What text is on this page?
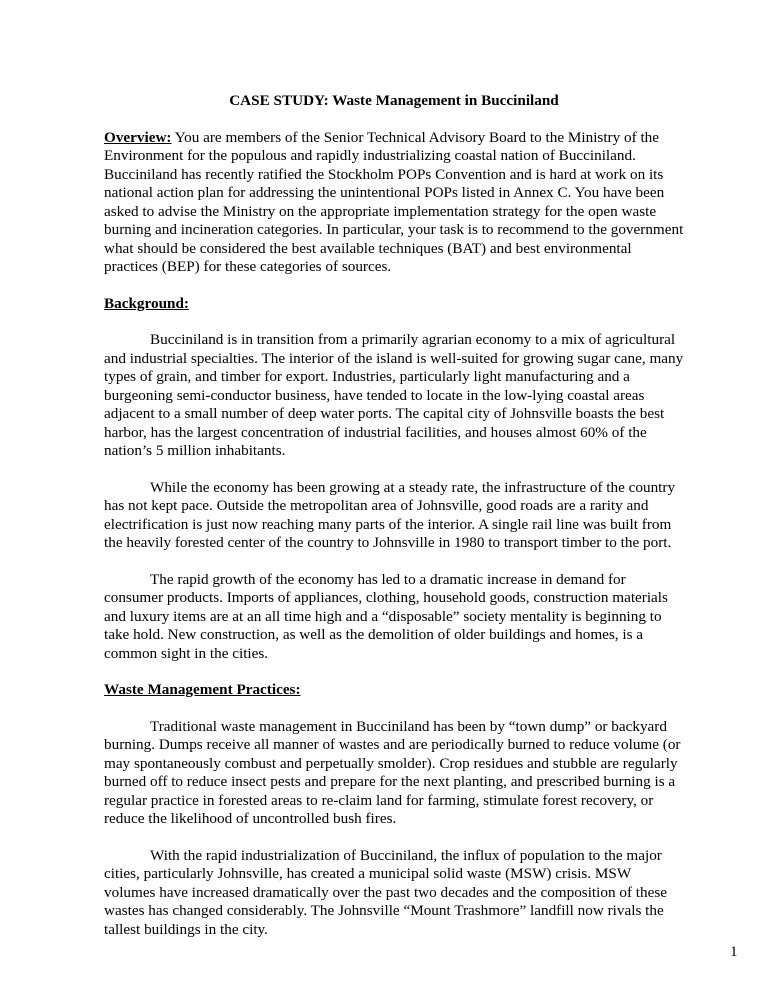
CASE STUDY: Waste Management in Bucciniland

Overview: You are members of the Senior Technical Advisory Board to the Ministry of the Environment for the populous and rapidly industrializing coastal nation of Bucciniland. Bucciniland has recently ratified the Stockholm POPs Convention and is hard at work on its national action plan for addressing the unintentional POPs listed in Annex C. You have been asked to advise the Ministry on the appropriate implementation strategy for the open waste burning and incineration categories. In particular, your task is to recommend to the government what should be considered the best available techniques (BAT) and best environmental practices (BEP) for these categories of sources.

Background:

Bucciniland is in transition from a primarily agrarian economy to a mix of agricultural and industrial specialties. The interior of the island is well-suited for growing sugar cane, many types of grain, and timber for export. Industries, particularly light manufacturing and a burgeoning semi-conductor business, have tended to locate in the low-lying coastal areas adjacent to a small number of deep water ports. The capital city of Johnsville boasts the best harbor, has the largest concentration of industrial facilities, and houses almost 60% of the nation’s 5 million inhabitants.

While the economy has been growing at a steady rate, the infrastructure of the country has not kept pace. Outside the metropolitan area of Johnsville, good roads are a rarity and electrification is just now reaching many parts of the interior. A single rail line was built from the heavily forested center of the country to Johnsville in 1980 to transport timber to the port.

The rapid growth of the economy has led to a dramatic increase in demand for consumer products. Imports of appliances, clothing, household goods, construction materials and luxury items are at an all time high and a “disposable” society mentality is beginning to take hold. New construction, as well as the demolition of older buildings and homes, is a common sight in the cities.

Waste Management Practices:

Traditional waste management in Bucciniland has been by “town dump” or backyard burning. Dumps receive all manner of wastes and are periodically burned to reduce volume (or may spontaneously combust and perpetually smolder). Crop residues and stubble are regularly burned off to reduce insect pests and prepare for the next planting, and prescribed burning is a regular practice in forested areas to re-claim land for farming, stimulate forest recovery, or reduce the likelihood of uncontrolled bush fires.

With the rapid industrialization of Bucciniland, the influx of population to the major cities, particularly Johnsville, has created a municipal solid waste (MSW) crisis. MSW volumes have increased dramatically over the past two decades and the composition of these wastes has changed considerably. The Johnsville “Mount Trashmore” landfill now rivals the tallest buildings in the city.

1
